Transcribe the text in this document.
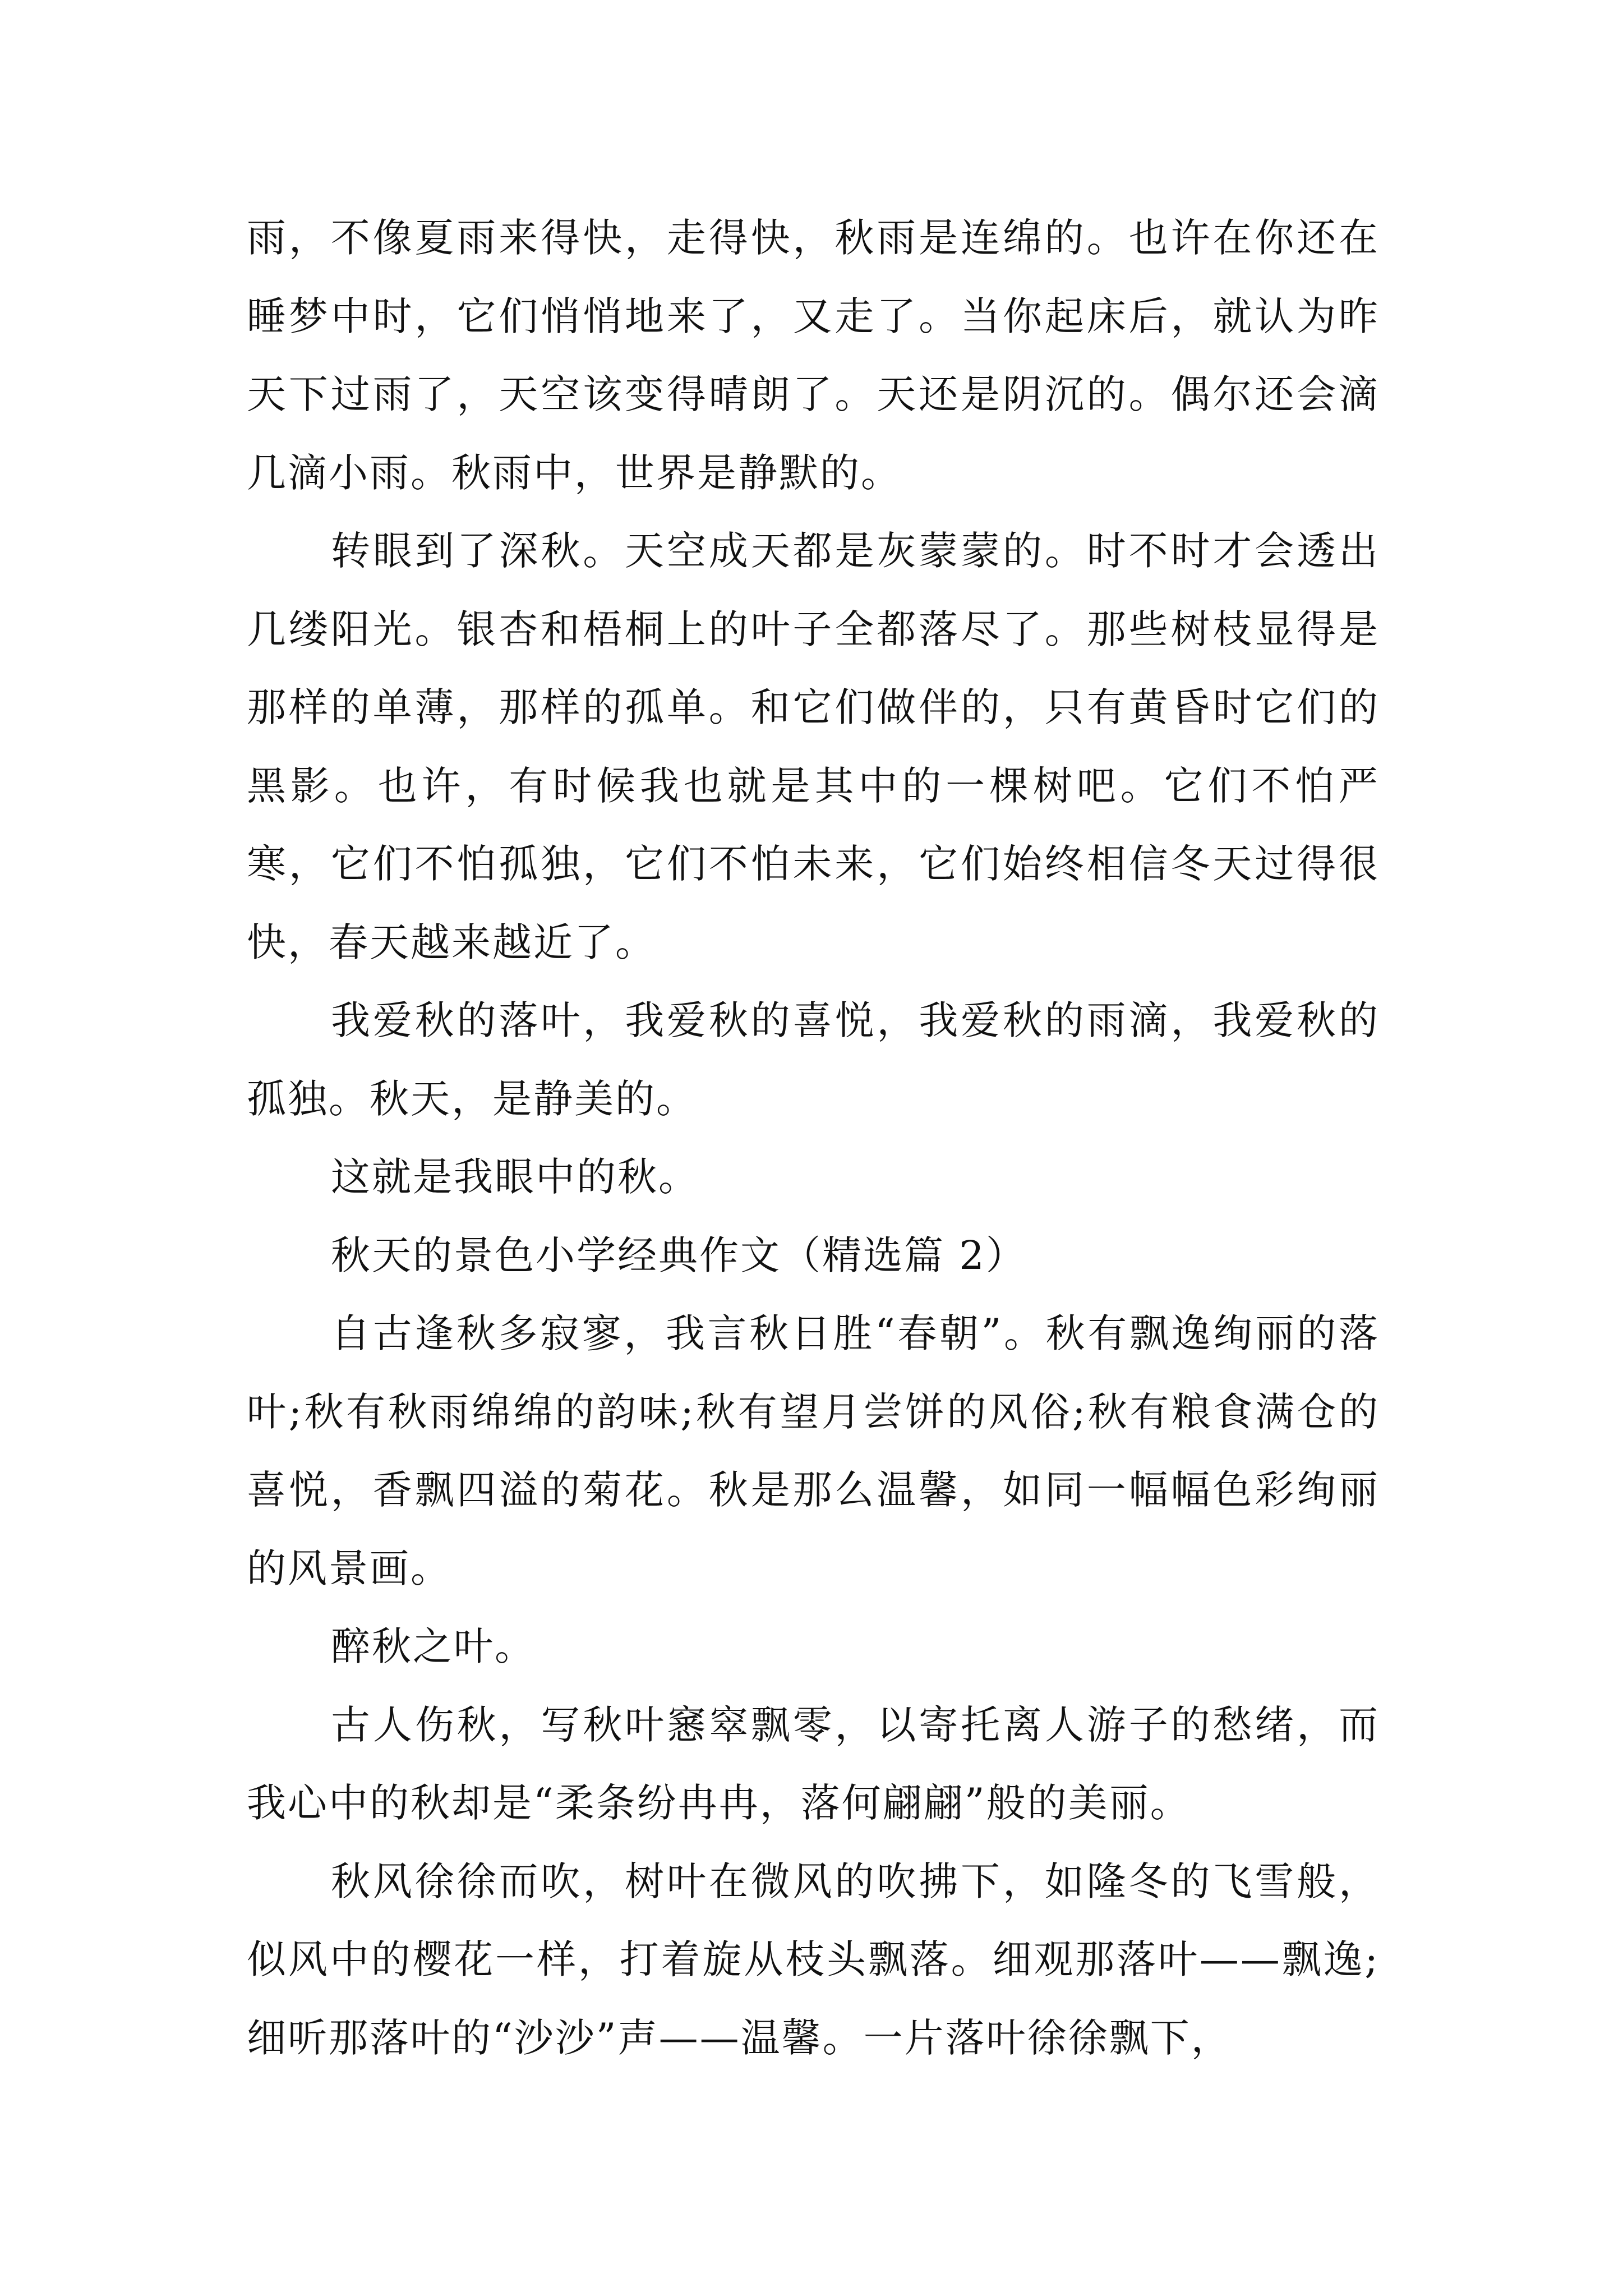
雨，不像夏雨来得快，走得快，秋雨是连绵的。也许在你还在睡梦中时，它们悄悄地来了，又走了。当你起床后，就认为昨天下过雨了，天空该变得晴朗了。天还是阴沉的。偶尔还会滴几滴小雨。秋雨中，世界是静默的。

转眼到了深秋。天空成天都是灰蒙蒙的。时不时才会透出几缕阳光。银杏和梧桐上的叶子全都落尽了。那些树枝显得是那样的单薄，那样的孤单。和它们做伴的，只有黄昏时它们的黑影。也许，有时候我也就是其中的一棵树吧。它们不怕严寒，它们不怕孤独，它们不怕未来，它们始终相信冬天过得很快，春天越来越近了。

我爱秋的落叶，我爱秋的喜悦，我爱秋的雨滴，我爱秋的孤独。秋天，是静美的。

这就是我眼中的秋。

秋天的景色小学经典作文（精选篇 2）

自古逢秋多寂寥，我言秋日胜“春朝”。秋有飘逸绚丽的落叶;秋有秋雨绵绵的韵味;秋有望月尝饼的风俗;秋有粮食满仓的喜悦，香飘四溢的菊花。秋是那么温馨，如同一幅幅色彩绚丽的风景画。

醉秋之叶。

古人伤秋，写秋叶窸窣飘零，以寄托离人游子的愁绪，而我心中的秋却是“柔条纷冉冉，落何翩翩”般的美丽。

秋风徐徐而吹，树叶在微风的吹拂下，如隆冬的飞雪般，似风中的樱花一样，打着旋从枝头飘落。细观那落叶——飘逸;细听那落叶的“沙沙”声——温馨。一片落叶徐徐飘下，
